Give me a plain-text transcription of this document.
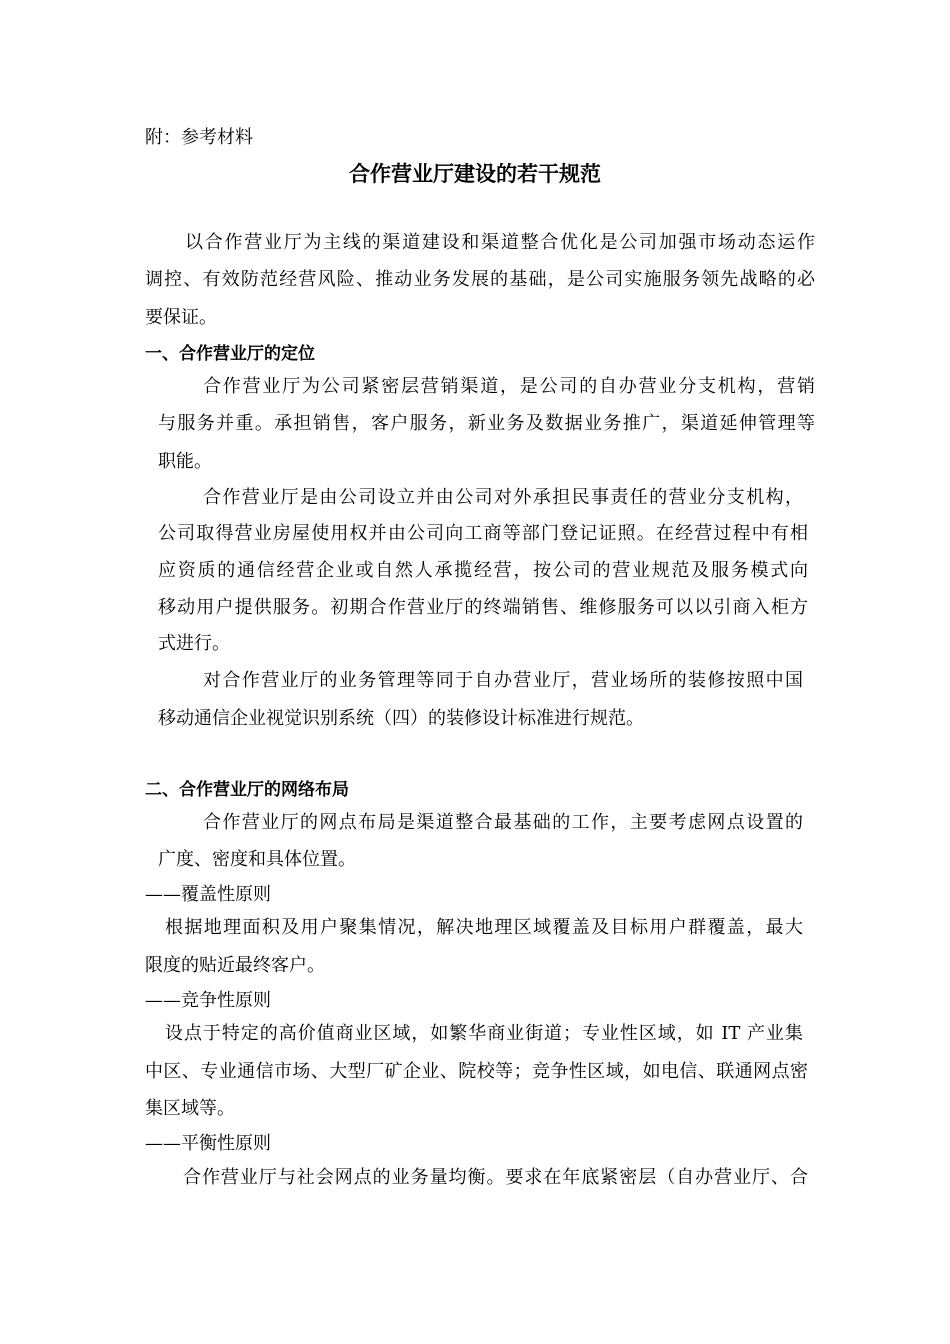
附：参考材料
合作营业厅建设的若干规范
以合作营业厅为主线的渠道建设和渠道整合优化是公司加强市场动态运作
调控、有效防范经营风险、推动业务发展的基础，是公司实施服务领先战略的必
要保证。
一、合作营业厅的定位
合作营业厅为公司紧密层营销渠道，是公司的自办营业分支机构，营销
与服务并重。承担销售，客户服务，新业务及数据业务推广，渠道延伸管理等
职能。
合作营业厅是由公司设立并由公司对外承担民事责任的营业分支机构，
公司取得营业房屋使用权并由公司向工商等部门登记证照。在经营过程中有相
应资质的通信经营企业或自然人承揽经营，按公司的营业规范及服务模式向
移动用户提供服务。初期合作营业厅的终端销售、维修服务可以以引商入柜方
式进行。
对合作营业厅的业务管理等同于自办营业厅，营业场所的装修按照中国
移动通信企业视觉识别系统（四）的装修设计标准进行规范。
二、合作营业厅的网络布局
合作营业厅的网点布局是渠道整合最基础的工作，主要考虑网点设置的
广度、密度和具体位置。
——覆盖性原则
根据地理面积及用户聚集情况，解决地理区域覆盖及目标用户群覆盖，最大
限度的贴近最终客户。
——竞争性原则
设点于特定的高价值商业区域，如繁华商业街道；专业性区域，如 IT 产业集
中区、专业通信市场、大型厂矿企业、院校等；竞争性区域，如电信、联通网点密
集区域等。
——平衡性原则
合作营业厅与社会网点的业务量均衡。要求在年底紧密层（自办营业厅、合
